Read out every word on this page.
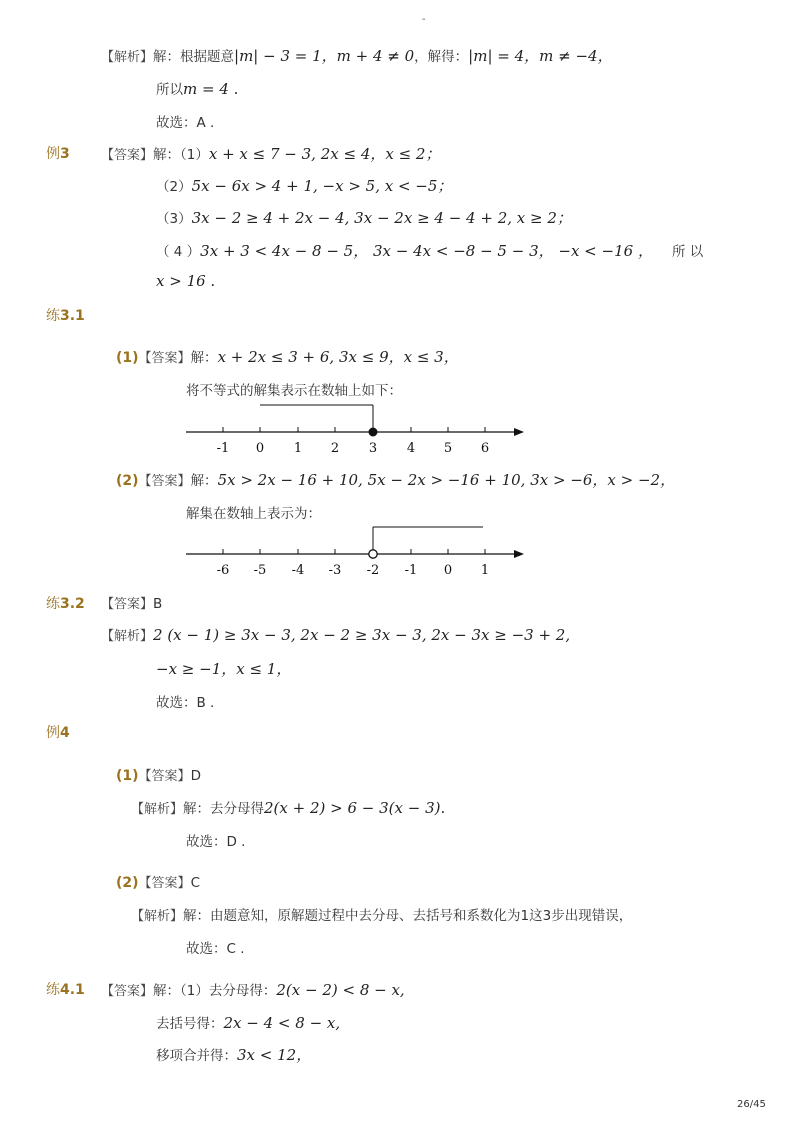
-
【解析】解：根据题意|m| − 3 = 1，m + 4 ≠ 0，解得：|m| = 4，m ≠ −4，
所以m = 4 .
故选：A .
例3 【答案】解：（1）x + x ≤ 7 − 3, 2x ≤ 4，x ≤ 2；
（2）5x − 6x > 4 + 1, −x > 5, x < −5；
（3）3x − 2 ≥ 4 + 2x − 4, 3x − 2x ≥ 4 − 4 + 2, x ≥ 2；
（ 4 ）3x + 3 < 4x − 8 − 5， 3x − 4x < −8 − 5 − 3， −x < −16 ， 所 以
x > 16 .
练3.1
(1)【答案】解：x + 2x ≤ 3 + 6, 3x ≤ 9，x ≤ 3，
将不等式的解集表示在数轴上如下：
-1 0 1 2 3 4 5 6
(2)【答案】解：5x > 2x − 16 + 10, 5x − 2x > −16 + 10, 3x > −6，x > −2，
解集在数轴上表示为：
-6 -5 -4 -3 -2 -1 0 1
练3.2 【答案】B
【解析】2 (x − 1) ≥ 3x − 3, 2x − 2 ≥ 3x − 3, 2x − 3x ≥ −3 + 2,
−x ≥ −1，x ≤ 1，
故选：B .
例4
(1)【答案】D
【解析】解：去分母得2(x + 2) > 6 − 3(x − 3).
故选：D .
(2)【答案】C
【解析】解：由题意知，原解题过程中去分母、去括号和系数化为1这3步出现错误，
故选：C .
练4.1 【答案】解：（1）去分母得：2(x − 2) < 8 − x,
去括号得：2x − 4 < 8 − x,
移项合并得：3x < 12，
26/45
